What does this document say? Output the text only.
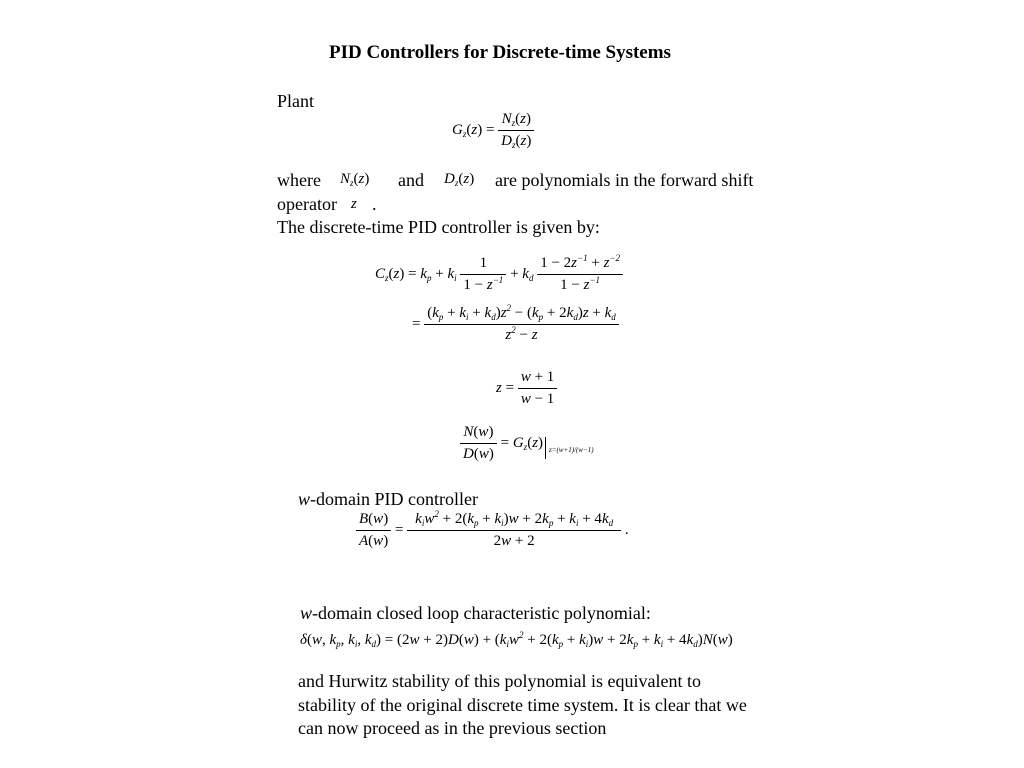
PID Controllers for Discrete-time Systems
Plant
$G_z(z) = \frac{N_z(z)}{D_z(z)}$
where $N_z(z)$ and $D_z(z)$ are polynomials in the forward shift
operator z .
The discrete-time PID controller is given by:
$C_z(z) = k_p + k_i \frac{1}{1 - z^{-1}} + k_d \frac{1 - 2z^{-1} + z^{-2}}{1 - z^{-1}}$
= $\frac{(k_p + k_i + k_d)z^2 - (k_p + 2k_d)z + k_d}{z^2 - z}$
$z = \frac{w + 1}{w - 1}$
$\frac{N(w)}{D(w)} = G_z(z)$ z=(w+1)/(w−1)
w-domain PID controller
$\frac{B(w)}{A(w)} = \frac{k_iw^2 + 2(k_p + k_i)w + 2k_p + k_i + 4k_d}{2w + 2}$ .
w-domain closed loop characteristic polynomial:
δ(w, $k_p$, $k_i$, $k_d) = (2w + 2)D(w) + (k_iw^2 + 2(k_p + k_i)w + 2k_p + k_i + 4k_d)N(w)$
and Hurwitz stability of this polynomial is equivalent to
stability of the original discrete time system. It is clear that we
can now proceed as in the previous section
